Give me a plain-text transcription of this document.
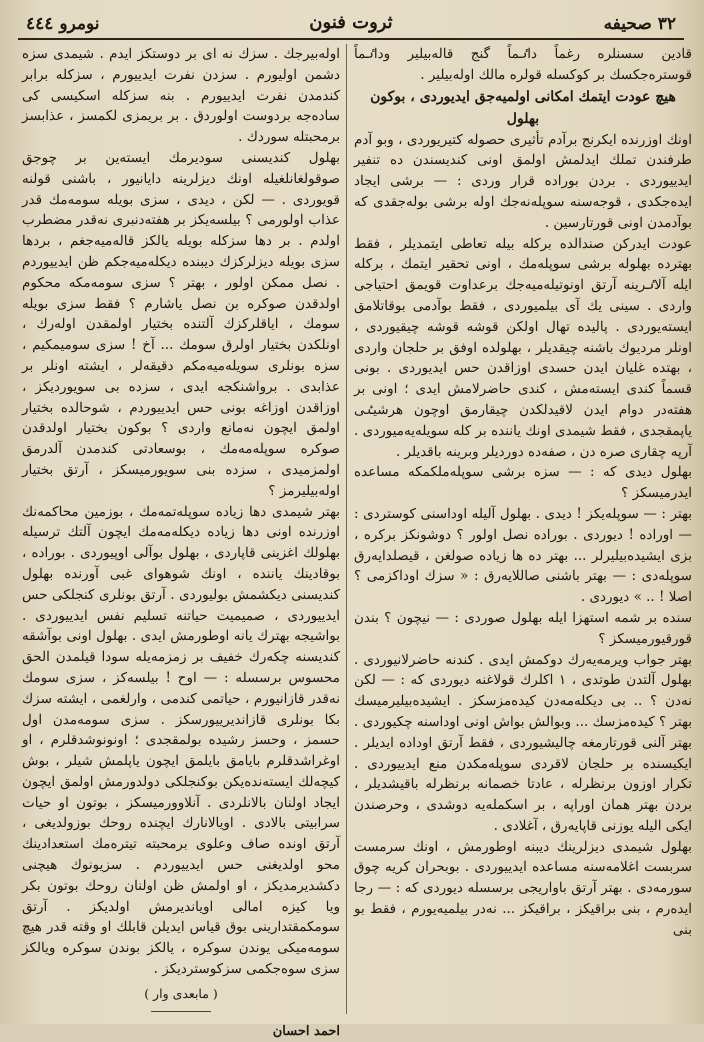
نومرو ٤٤٤	ثروت فنون	٣٢ صحیفه

قادین سسنلرە رغماً داٸماً گنج قالەبیلیر وداٸماً قوسترەجکسك بر کوکسلە قولرە مالك اولەبیلیر .

هیچ عودت ایتمك امکانی اولمیەجق ایدیوردی ، بوکون بهلول

اونك اوزرندە ایکرنج برآدم تأثیری حصولە کتیریوردی ، وبو آدم طرفندن تملك ایدلمش اولمق اونی کندیسندن ده تنفیر ایدییوردی . بردن بوراده قرار وردی : — برشی ایجاد ایدەجکدی ، قوجەسنە سوپلەنەجك اولە برشی بولەجقدی که بوآدمدن اونی قورتارسین .

عودت ایدرکن صندالده برکلە بیلە تعاطی ایتمدیلر ، فقط بهترده بهلولە برشی سوپلەمك ، اونی تحقیر ایتمك ، برکلە ایلە آلاٸرینە آرتق اونوتیلەمیەجك برعداوت قویمق احتیاجی واردی . سینی یك آی بیلمیوردی ، فقط بوآدمی بوقاتلامق ایستەیوردی . پالیدە تهال اولکن قوشە قوشە چیقیوردی ، اونلر مردیوك باشنە چیقدیلر ، بهلولدە اوفق بر حلجان واردی ، بهتده غلیان ایدن حسدی اوزاقدن حس ایدیوردی . بونی قسماً کندی ایستەمش ، کندی حاضرلامش ایدی ؛ اونی بر هفتەدر دوام ایدن لاقیدلکدن چیقارمق اوچون هرشیٸی یاپمقجدی ، فقط شیمدی اونك یانندە بر کلە سویلەیەمیوردی . آرپە چقاری صره دن ، صفەدە دوردیلر وبرینە باقدیلر .

بهلول دیدی که : — سزه برشی سوپلەملکمکه مساعدە ایدرمیسکز ؟

بهتر : — سوپلەیکز ! دیدی . بهلول آلیلە اوداسنی کوستردی : — اوراده ! دیوردی . بورادە نصل اولور ؟ دوشونکز برکرە ، بزی ایشیدەبیلیرلر ... بهتر ده ها زیادە صولغن ، قیصلدایەرق سوپلەدی : — بهتر باشنی صاللایەرق : « سزك اوداکزمی ؟ اصلا ! .. » دیوردی .

سنده بر شمە استهزا ایلە بهلول صوردی : — نیچون ؟ بندن قورقیورمیسکز ؟

بهتر جواب ویرمەیەرك دوکمش ایدی . کندنە حاضرلانیوردی . بهلول آلتدن طوتدی ، ١ اکلرك قولاغنە دیوردی که : — لکن نەدن ؟ .. بی دیکلەمەدن کیدەمزسکز . ایشیدەبیلیرمیسك بهتر ؟ کیدەمزسك ... وبوالش بواش اونی اوداسنە چکیوردی . بهتر آلنی قورتارمغە چالیشیوردی ، فقط آرتق اوداده ایدیلر . ایکیسنده بر حلجان لاقردی سوپلەمکدن منع ایدییوردی . تکرار اوزون برنظرلە ، عادتا خصمانە برنظرلە باقیشدیلر ، بردن بهتر همان اوراپە ، بر اسکملەیە دوشدی ، وحرصندن ایکی الیلە یوزنی قاپایەرق ، آغلادی .

بهلول شیمدی دیزلرینك دیبنە اوطورمش ، اونك سرمست سربست اغلامەسنە مساعدە ایدییوردی . بوبحران کریە چوق سورمەدی . بهتر آرتق باواریجی برسسلە دیوردی که : — رجا ایدەرم ، بنی براقیکز ، براقیکز ... نەدر بیلمیەیورم ، فقط بو بنی

اولەبیرجك . سزك نه ای بر دوستکز ایدم . شیمدی سزه دشمن اولیورم . سزدن نفرت ایدییورم ، سزکلە برابر کندمدن نفرت ایدییورم . بنه سزکلە اسکیسی کی سادەجە بردوست اولوردق . بر بریمزی لکمسز ، عذابسز برمحبتلە سوردك .

بهلول کندیسنی سودیرمك ایستەین بر چوجق صوقولغانلغیلە اونك دیزلرینە دایانیور ، باشنی قولنە قویوردی . — لکن ، دیدی ، سزی بویلە سومەمك قدر عذاب اولورمی ؟ بیلسەیکز بر هفتەدنبری نەقدر مضطرب اولدم . بر دها سزکلە بویلە یالکز قالەمیەجغم ، بردها سزی بویلە دیزلرکزك دیبندە دیکلەمیەجکم ظن ایدییوردم . نصل ممکن اولور ، بهتر ؟ سزی سومەمکە محکوم اولدقدن صوکرە بن نصل یاشارم ؟ فقط سزی بویلە سومك ، ایاقلرکزك آلتندە بختیار اولمقدن اولەرك ، اونلکدن بختیار اولرق سومك ... آخ ! سزی سومیمکیم ، سزه بونلری سویلەمیەمکم دقیقەلر ، ایشتە اونلر بر عذابدی . برواشنکجە ایدی ، سزدە بی سویوردیکز ، اوزاقدن اوزاغە بونی حس ایدییوردم ، شوحالدە بختیار اولمق ایچون نەمانع واردی ؟ بوکون بختیار اولدقدن صوکرە سوپلەمەمك ، بوسعادتی کندمدن آلدرمق اولمزمیدی ، سزده بنی سویورمیسکز ، آرتق بختیار اولەبیلیرمز ؟

بهتر شیمدی دها زیادە سوپلەتمەمك ، بوزمین محاکمەنك اوزرندە اونی دها زیادە دیکلەمەمك ایچون آلتك ترسیلە بهلولك اغزینی قاپاردی ، بهلول بوآلی اوپیوردی . بورادە ، بوقادینك یانندە ، اونك شوهوای غبی آورندە بهلول کندیسنی دیکشمش بولیوردی . آرتق بونلری کنجلکی حس ایدییوردی ، صمیمیت حیاتنە تسلیم نفس ایدییوردی . بواشیجە بهترك یانە اوطورمش ایدی . بهلول اونی بوآشقە کندیسنە چکەرك خفیف بر زمزمەیلە سودا قیلمدن الحق محسوس برسسلە : — اوح ! بیلسەکز ، سزی سومك نەقدر قازانیورم ، حیاتمی کندمی ، وارلغمی ، ایشتە سزك بکا بونلری قازاندیرییورسکز . سزی سومەمدن اول حسمز ، وحسز رشیدە بولمقجدی ؛ اونونوشدقلرم ، او اوغراشدقلرم بایامق بایلمق ایچون یاپلمش شیلر ، بوش کیچەلك ایستەندەیکن بوکنجلکی دولدورمش اولمق ایچون ایجاد اولنان بالانلردی . آنلاوورمیسکز ، بوتون او حیات سرابیتی بالادی . اویالانارك ایچندە روحك بوزولدیغی ، آرتق اوندە صاف وعلوی برمحبتە تیترەمك استعدادینك محو اولدیغنی حس ایدییوردم . سزیونوك هیچنی دکشدیرمدیکز ، او اولمش ظن اولنان روحك بوتون بکر ویا کیزە امالی اویاندیرمش اولدیکز . آرتق سومکمقتدارینی بوق قیاس ایدیلن قابلك او وقتە قدر هیچ سومەمیکی یوندن سوکرە ، یالکز بوندن سوکرە ویالکز سزی سوەجکمی سزکوستردیکز .

( مابعدی وار )

احمد احسان
